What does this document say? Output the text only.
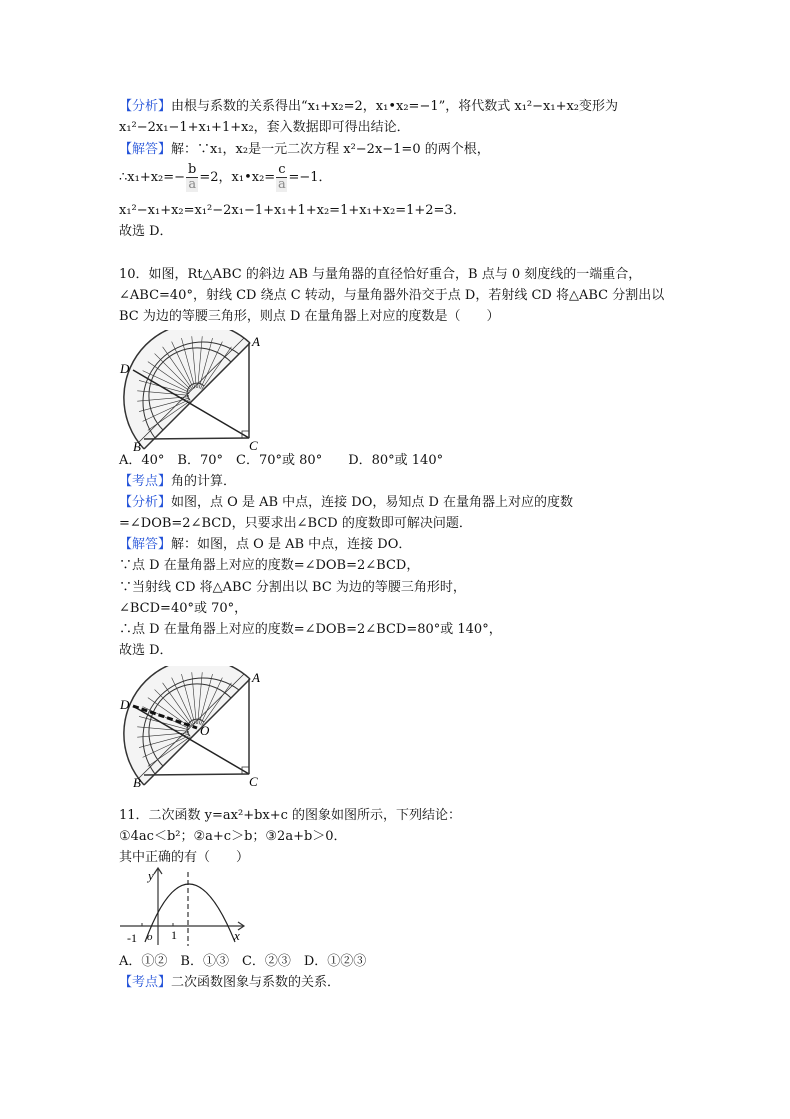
【分析】由根与系数的关系得出“x₁+x₂=2，x₁•x₂=−1”，将代数式 x₁²−x₁+x₂变形为
x₁²−2x₁−1+x₁+1+x₂，套入数据即可得出结论．
【解答】解：∵x₁，x₂是一元二次方程 x²−2x−1=0 的两个根，
∴x₁+x₂=− $\frac{b}{a} =2$，x₁•x₂= $\frac{c}{a} =-1$．
x₁²−x₁+x₂=x₁²−2x₁−1+x₁+1+x₂=1+x₁+x₂=1+2=3．
故选 D．
10．如图，Rt△ABC 的斜边 AB 与量角器的直径恰好重合，B 点与 0 刻度线的一端重合，
∠ABC=40°，射线 CD 绕点 C 转动，与量角器外沿交于点 D，若射线 CD 将△ABC 分割出以
BC 为边的等腰三角形，则点 D 在量角器上对应的度数是（　　）
A
B	C
D
A．40°　B．70°　C．70°或 80°　　D．80°或 140°
【考点】角的计算．
【分析】如图，点 O 是 AB 中点，连接 DO，易知点 D 在量角器上对应的度数
=∠DOB=2∠BCD，只要求出∠BCD 的度数即可解决问题．
【解答】解：如图，点 O 是 AB 中点，连接 DO．
∵点 D 在量角器上对应的度数=∠DOB=2∠BCD，
∵当射线 CD 将△ABC 分割出以 BC 为边的等腰三角形时，
∠BCD=40°或 70°，
∴点 D 在量角器上对应的度数=∠DOB=2∠BCD=80°或 140°，
故选 D．
A
B	C
D
O
11．二次函数 y=ax²+bx+c 的图象如图所示，下列结论：
①4ac＜b²；②a+c＞b；③2a+b＞0．
其中正确的有（　　）
y
x
o
-1	1
A．①②　B．①③　C．②③　D．①②③
【考点】二次函数图象与系数的关系．
